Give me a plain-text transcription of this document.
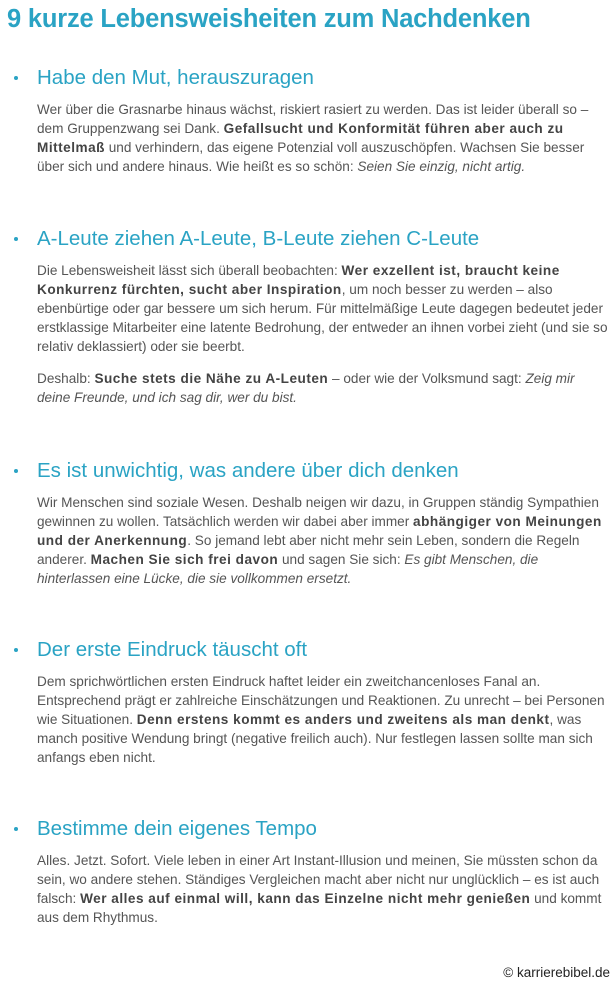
9 kurze Lebensweisheiten zum Nachdenken
Habe den Mut, herauszuragen

Wer über die Grasnarbe hinaus wächst, riskiert rasiert zu werden. Das ist leider überall so – dem Gruppenzwang sei Dank. Gefallsucht und Konformität führen aber auch zu Mittelmaß und verhindern, das eigene Potenzial voll auszuschöpfen. Wachsen Sie besser über sich und andere hinaus. Wie heißt es so schön: Seien Sie einzig, nicht artig.

A-Leute ziehen A-Leute, B-Leute ziehen C-Leute

Die Lebensweisheit lässt sich überall beobachten: Wer exzellent ist, braucht keine Konkurrenz fürchten, sucht aber Inspiration, um noch besser zu werden – also ebenbürtige oder gar bessere um sich herum. Für mittelmäßige Leute dagegen bedeutet jeder erstklassige Mitarbeiter eine latente Bedrohung, der entweder an ihnen vorbei zieht (und sie so relativ deklassiert) oder sie beerbt.

Deshalb: Suche stets die Nähe zu A-Leuten – oder wie der Volksmund sagt: Zeig mir deine Freunde, und ich sag dir, wer du bist.

Es ist unwichtig, was andere über dich denken

Wir Menschen sind soziale Wesen. Deshalb neigen wir dazu, in Gruppen ständig Sympathien gewinnen zu wollen. Tatsächlich werden wir dabei aber immer abhängiger von Meinungen und der Anerkennung. So jemand lebt aber nicht mehr sein Leben, sondern die Regeln anderer. Machen Sie sich frei davon und sagen Sie sich: Es gibt Menschen, die hinterlassen eine Lücke, die sie vollkommen ersetzt.

Der erste Eindruck täuscht oft

Dem sprichwörtlichen ersten Eindruck haftet leider ein zweitchancenloses Fanal an. Entsprechend prägt er zahlreiche Einschätzungen und Reaktionen. Zu unrecht – bei Personen wie Situationen. Denn erstens kommt es anders und zweitens als man denkt, was manch positive Wendung bringt (negative freilich auch). Nur festlegen lassen sollte man sich anfangs eben nicht.

Bestimme dein eigenes Tempo

Alles. Jetzt. Sofort. Viele leben in einer Art Instant-Illusion und meinen, Sie müssten schon da sein, wo andere stehen. Ständiges Vergleichen macht aber nicht nur unglücklich – es ist auch falsch: Wer alles auf einmal will, kann das Einzelne nicht mehr genießen und kommt aus dem Rhythmus.

© karrierebibel.de
